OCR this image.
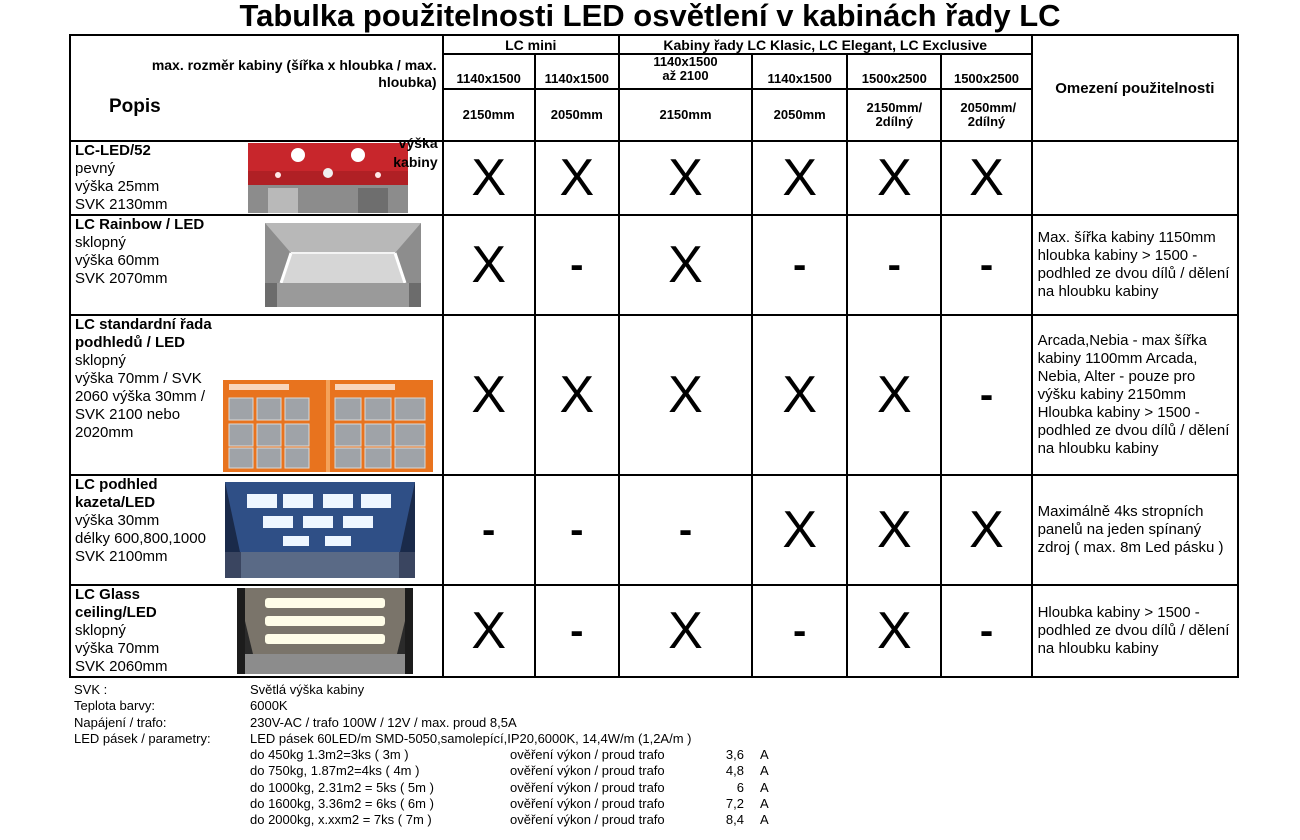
Tabulka použitelnosti LED osvětlení v kabinách řady LC
max. rozměr kabiny (šířka x hloubka / max. hloubka)
Popis
výška kabiny		LC mini		Kabiny řady LC Klasic, LC Elegant, LC Exclusive				Omezení použitelnosti
		1140x1500	1140x1500	1140x1500 až 2100	1140x1500	1500x2500	1500x2500	
		2150mm	2050mm	2150mm	2050mm	2150mm/ 2dílný	2050mm/ 2dílný	

LC-LED/52
pevný
výška 25mm
SVK 2130mm		X	X	X	X	X	X	

LC Rainbow / LED
sklopný
výška 60mm
SVK 2070mm		X	-	X	-	-	-	Max. šířka kabiny 1150mm hloubka kabiny > 1500 - podhled ze dvou dílů / dělení na hloubku kabiny

LC standardní řada podhledů / LED
sklopný
výška 70mm / SVK 2060 výška 30mm / SVK 2100 nebo 2020mm		X	X	X	X	X	-	Arcada,Nebia - max šířka kabiny 1100mm Arcada, Nebia, Alter - pouze pro výšku kabiny 2150mm Hloubka kabiny > 1500 - podhled ze dvou dílů / dělení na hloubku kabiny

LC podhled kazeta/LED
výška 30mm
délky 600,800,1000
SVK 2100mm		-	-	-	X	X	X	Maximálně 4ks stropních panelů na jeden spínaný zdroj ( max. 8m Led pásku )

LC Glass ceiling/LED
sklopný
výška 70mm
SVK 2060mm		X	-	X	-	X	-	Hloubka kabiny > 1500 - podhled ze dvou dílů / dělení na hloubku kabiny
SVK :	Světlá výška kabiny
Teplota barvy:	6000K
Napájení / trafo:	230V-AC / trafo 100W / 12V / max. proud 8,5A
LED pásek / parametry:	LED pásek 60LED/m SMD-5050,samolepící,IP20,6000K, 14,4W/m (1,2A/m )
do 450kg 1.3m2=3ks ( 3m )	ověření výkon / proud trafo	3,6 A
do 750kg, 1.87m2=4ks ( 4m )	ověření výkon / proud trafo	4,8 A
do 1000kg, 2.31m2 = 5ks ( 5m )	ověření výkon / proud trafo	6 A
do 1600kg, 3.36m2 = 6ks ( 6m )	ověření výkon / proud trafo	7,2 A
do 2000kg, x.xxm2 = 7ks ( 7m )	ověření výkon / proud trafo	8,4 A
